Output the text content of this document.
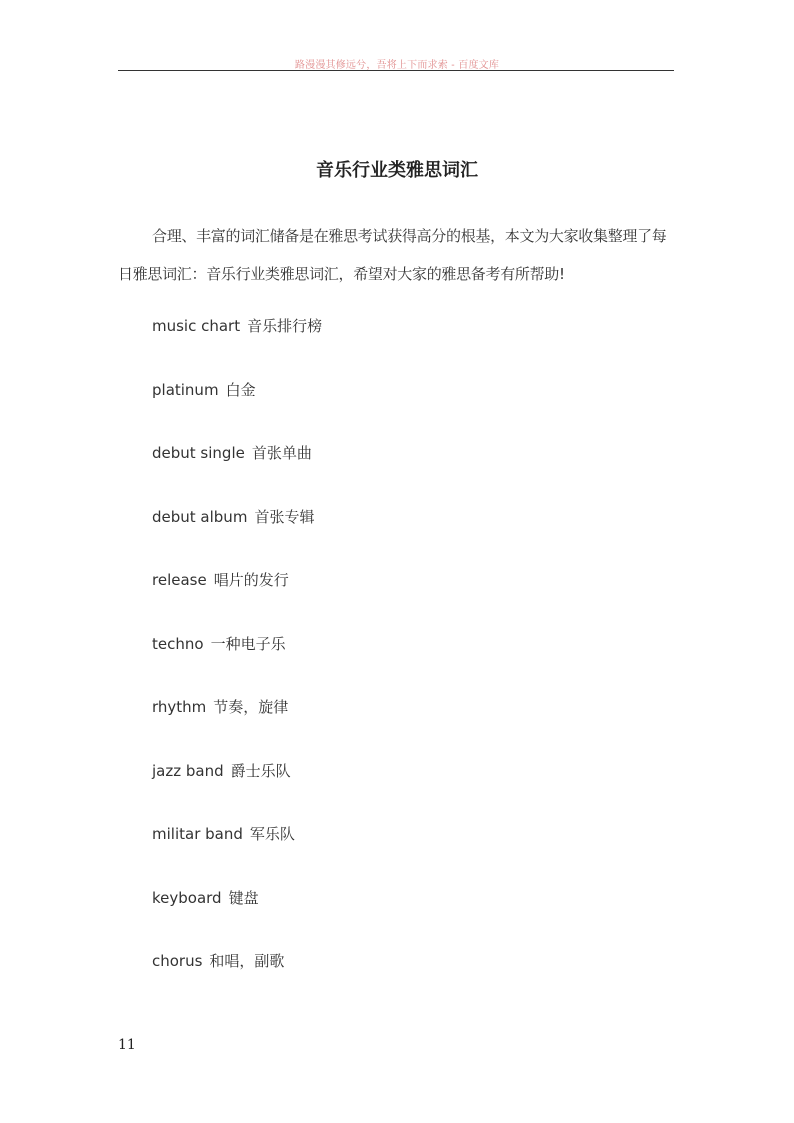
路漫漫其修远兮，吾将上下而求索 - 百度文库
音乐行业类雅思词汇

合理、丰富的词汇储备是在雅思考试获得高分的根基，本文为大家收集整理了每日雅思词汇：音乐行业类雅思词汇，希望对大家的雅思备考有所帮助!

music chart 音乐排行榜
platinum 白金
debut single 首张单曲
debut album 首张专辑
release 唱片的发行
techno 一种电子乐
rhythm 节奏，旋律
jazz band 爵士乐队
militar band 军乐队
keyboard 键盘
chorus 和唱，副歌
11
